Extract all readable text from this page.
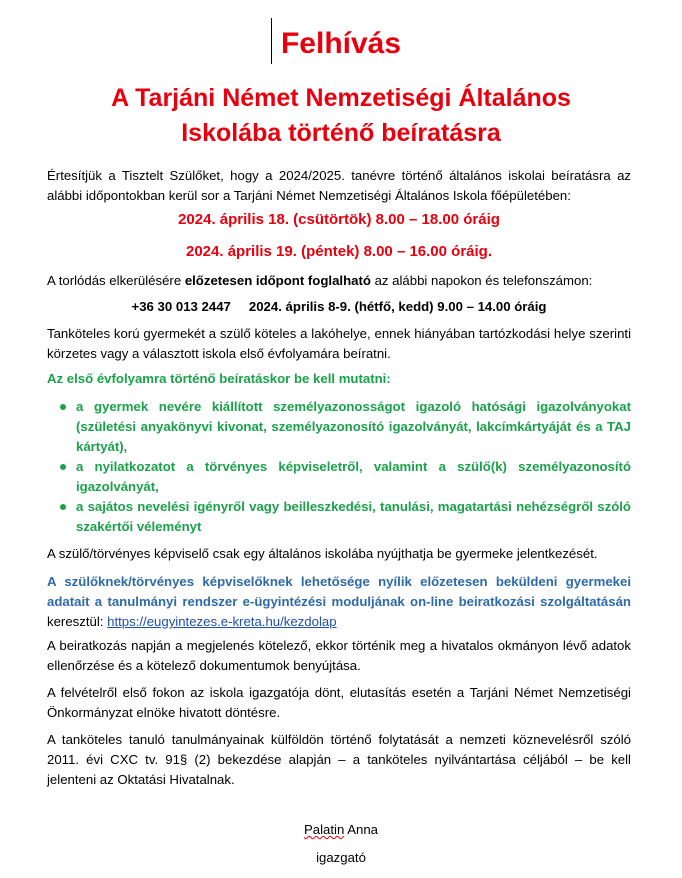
Felhívás
A Tarjáni Német Nemzetiségi Általános
Iskolába történő beíratásra
Értesítjük a Tisztelt Szülőket, hogy a 2024/2025. tanévre történő általános iskolai beíratásra az alábbi időpontokban kerül sor a Tarjáni Német Nemzetiségi Általános Iskola főépületében:
2024. április 18. (csütörtök) 8.00 – 18.00 óráig
2024. április 19. (péntek) 8.00 – 16.00 óráig.
A torlódás elkerülésére előzetesen időpont foglalható az alábbi napokon és telefonszámon:
+36 30 013 2447 2024. április 8-9. (hétfő, kedd) 9.00 – 14.00 óráig
Tanköteles korú gyermekét a szülő köteles a lakóhelye, ennek hiányában tartózkodási helye szerinti körzetes vagy a választott iskola első évfolyamára beíratni.
Az első évfolyamra történő beíratáskor be kell mutatni:
a gyermek nevére kiállított személyazonosságot igazoló hatósági igazolványokat (születési anyakönyvi kivonat, személyazonosító igazolványát, lakcímkártyáját és a TAJ kártyát),
a nyilatkozatot a törvényes képviseletről, valamint a szülő(k) személyazonosító igazolványát,
a sajátos nevelési igényről vagy beilleszkedési, tanulási, magatartási nehézségről szóló szakértői véleményt
A szülő/törvényes képviselő csak egy általános iskolába nyújthatja be gyermeke jelentkezését.
A szülőknek/törvényes képviselőknek lehetősége nyílik előzetesen beküldeni gyermekei adatait a tanulmányi rendszer e-ügyintézési moduljának on-line beiratkozási szolgáltatásán keresztül: https://eugyintezes.e-kreta.hu/kezdolap
A beiratkozás napján a megjelenés kötelező, ekkor történik meg a hivatalos okmányon lévő adatok ellenőrzése és a kötelező dokumentumok benyújtása.
A felvételről első fokon az iskola igazgatója dönt, elutasítás esetén a Tarjáni Német Nemzetiségi Önkormányzat elnöke hivatott döntésre.
A tanköteles tanuló tanulmányainak külföldön történő folytatását a nemzeti köznevelésről szóló 2011. évi CXC tv. 91§ (2) bekezdése alapján – a tanköteles nyilvántartása céljából – be kell jelenteni az Oktatási Hivatalnak.
Palatin Anna
igazgató
